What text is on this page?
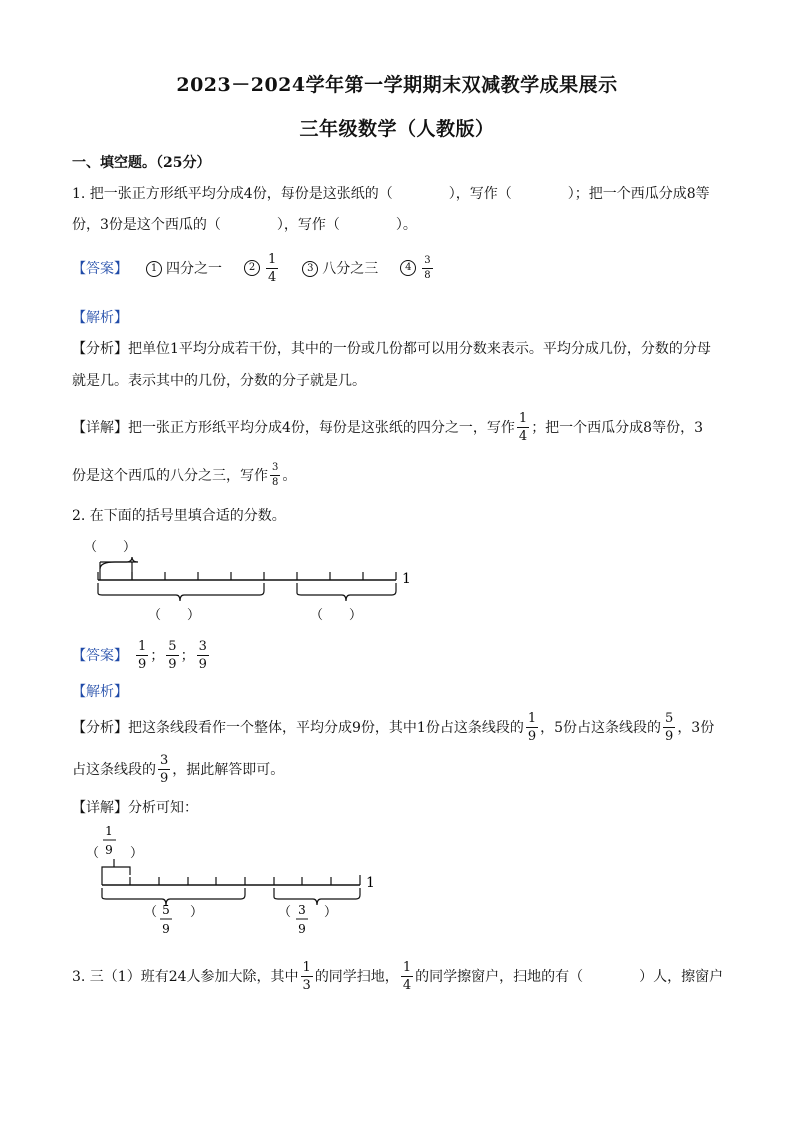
2023－2024学年第一学期期末双减教学成果展示
三年级数学（人教版）
一、填空题。（25分）
1. 把一张正方形纸平均分成4份，每份是这张纸的（　　　　），写作（　　　　）；把一个西瓜分成8等
份，3份是这个西瓜的（　　　　），写作（　　　　）。
【答案】	1 四分之一	$2 \frac{1}{4}$	3 八分之三	$4 \frac{3}{8}$
【解析】
【分析】把单位1平均分成若干份，其中的一份或几份都可以用分数来表示。平均分成几份，分数的分母
就是几。表示其中的几份，分数的分子就是几。
【详解】 把一张正方形纸平均分成4份，每份是这张纸的四分之一，写作 $\frac{1}{4}$ ；把一个西瓜分成8等份，3
份是这个西瓜的八分之三，写作 $\frac{3}{8}$ 。
2. 在下面的括号里填合适的分数。
（　　）
1
（　　）	（　　）
【答案】 $\frac{1}{9}$ ； $\frac{5}{9}$ ； $\frac{3}{9}$
【解析】
【分析】 把这条线段看作一个整体，平均分成9份，其中1份占这条线段的 $\frac{1}{9}$ ，5份占这条线段的 $\frac{5}{9}$ ，3份
占这条线段的 $\frac{3}{9}$ ，据此解答即可。
【详解】分析可知：
（
1
9 ）
1
（ 5
9
）	（ 3
9
）
3. 三（1）班有24人参加大除，其中 $\frac{1}{3}$ 的同学扫地， $\frac{1}{4}$ 的同学擦窗户，扫地的有（　　　　）人，擦窗户
